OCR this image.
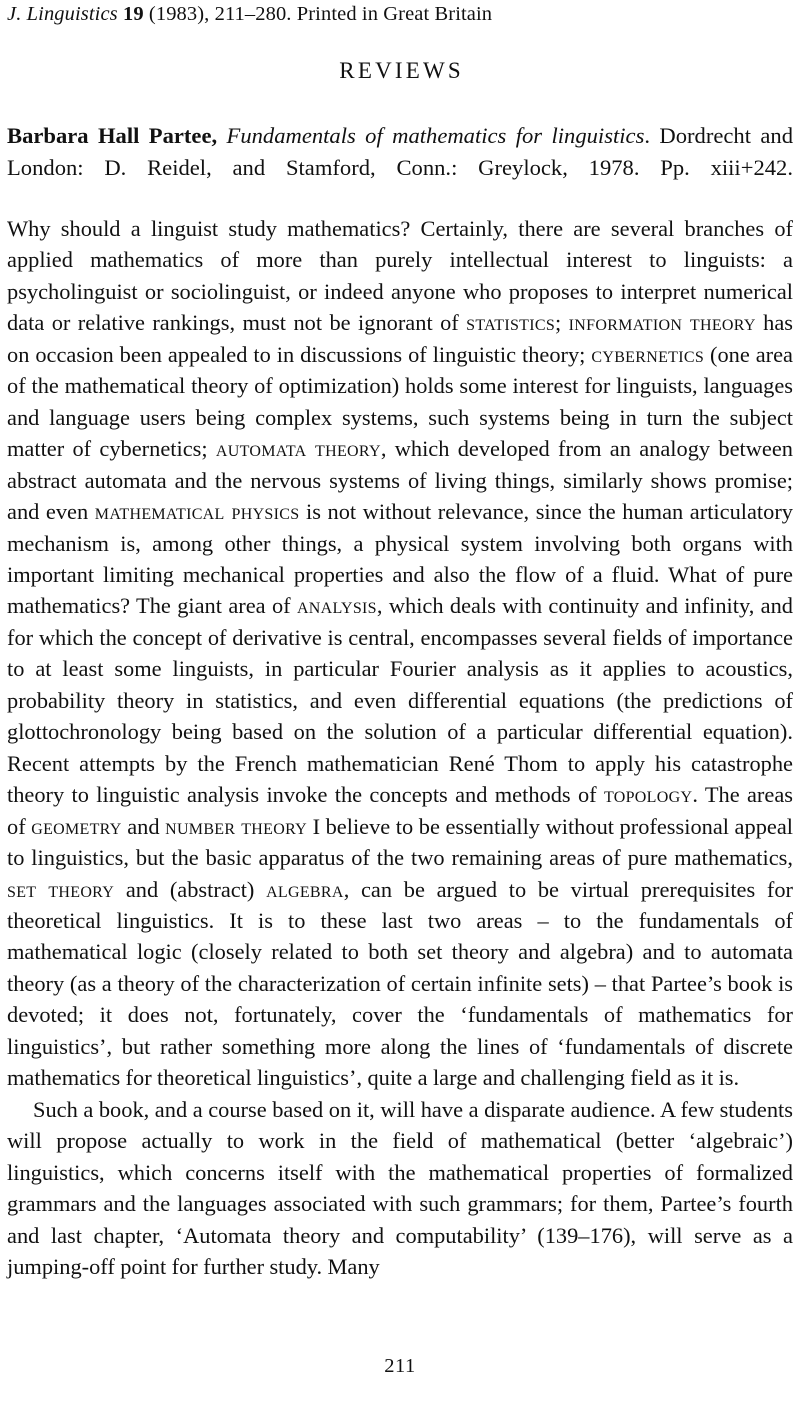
J. Linguistics 19 (1983), 211–280. Printed in Great Britain
REVIEWS
Barbara Hall Partee, Fundamentals of mathematics for linguistics. Dordrecht and London: D. Reidel, and Stamford, Conn.: Greylock, 1978. Pp. xiii+242.

Why should a linguist study mathematics? Certainly, there are several branches of applied mathematics of more than purely intellectual interest to linguists: a psycholinguist or sociolinguist, or indeed anyone who proposes to interpret numerical data or relative rankings, must not be ignorant of statistics; information theory has on occasion been appealed to in discussions of linguistic theory; cybernetics (one area of the mathematical theory of optimization) holds some interest for linguists, languages and language users being complex systems, such systems being in turn the subject matter of cybernetics; automata theory, which developed from an analogy between abstract automata and the nervous systems of living things, similarly shows promise; and even mathematical physics is not without relevance, since the human articulatory mechanism is, among other things, a physical system involving both organs with important limiting mechanical properties and also the flow of a fluid. What of pure mathematics? The giant area of analysis, which deals with continuity and infinity, and for which the concept of derivative is central, encompasses several fields of importance to at least some linguists, in particular Fourier analysis as it applies to acoustics, probability theory in statistics, and even differential equations (the predictions of glottochronology being based on the solution of a particular differential equation). Recent attempts by the French mathematician René Thom to apply his catastrophe theory to linguistic analysis invoke the concepts and methods of topology. The areas of geometry and number theory I believe to be essentially without professional appeal to linguistics, but the basic apparatus of the two remaining areas of pure mathematics, set theory and (abstract) algebra, can be argued to be virtual prerequisites for theoretical linguistics. It is to these last two areas – to the fundamentals of mathematical logic (closely related to both set theory and algebra) and to automata theory (as a theory of the characterization of certain infinite sets) – that Partee’s book is devoted; it does not, fortunately, cover the ‘fundamentals of mathematics for linguistics’, but rather something more along the lines of ‘fundamentals of discrete mathematics for theoretical linguistics’, quite a large and challenging field as it is.

Such a book, and a course based on it, will have a disparate audience. A few students will propose actually to work in the field of mathematical (better ‘algebraic’) linguistics, which concerns itself with the mathematical properties of formalized grammars and the languages associated with such grammars; for them, Partee’s fourth and last chapter, ‘Automata theory and computability’ (139–176), will serve as a jumping-off point for further study. Many

211
